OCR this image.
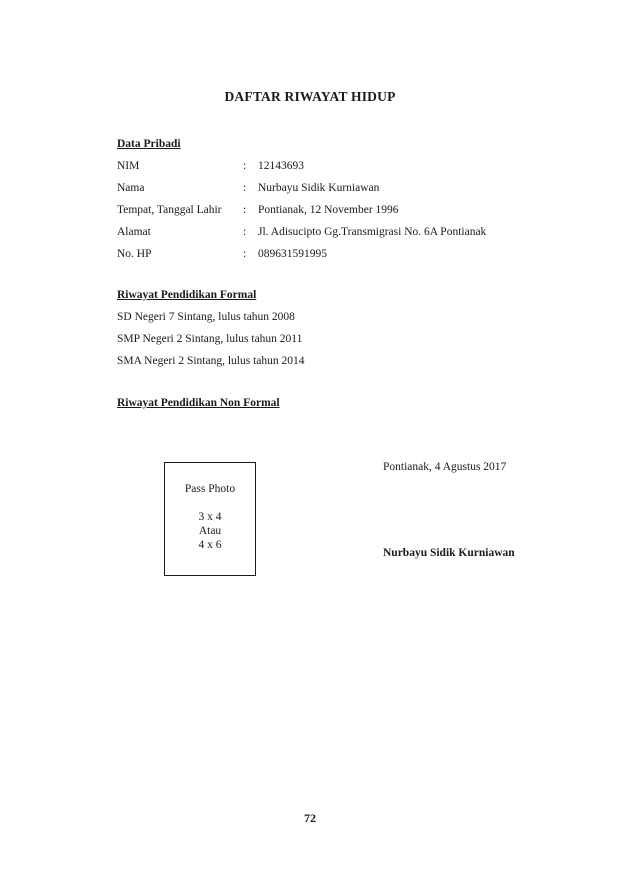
DAFTAR RIWAYAT HIDUP
Data Pribadi
NIM	: 12143693
Nama	: Nurbayu Sidik Kurniawan
Tempat, Tanggal Lahir : Pontianak, 12 November 1996
Alamat	: Jl. Adisucipto Gg.Transmigrasi No. 6A Pontianak
No. HP	: 089631591995
Riwayat Pendidikan Formal
SD Negeri 7 Sintang, lulus tahun 2008
SMP Negeri 2 Sintang, lulus tahun 2011
SMA Negeri 2 Sintang, lulus tahun 2014
Riwayat Pendidikan Non Formal
Pass Photo
3 x 4
Atau
4 x 6
Pontianak, 4 Agustus 2017
Nurbayu Sidik Kurniawan
72
